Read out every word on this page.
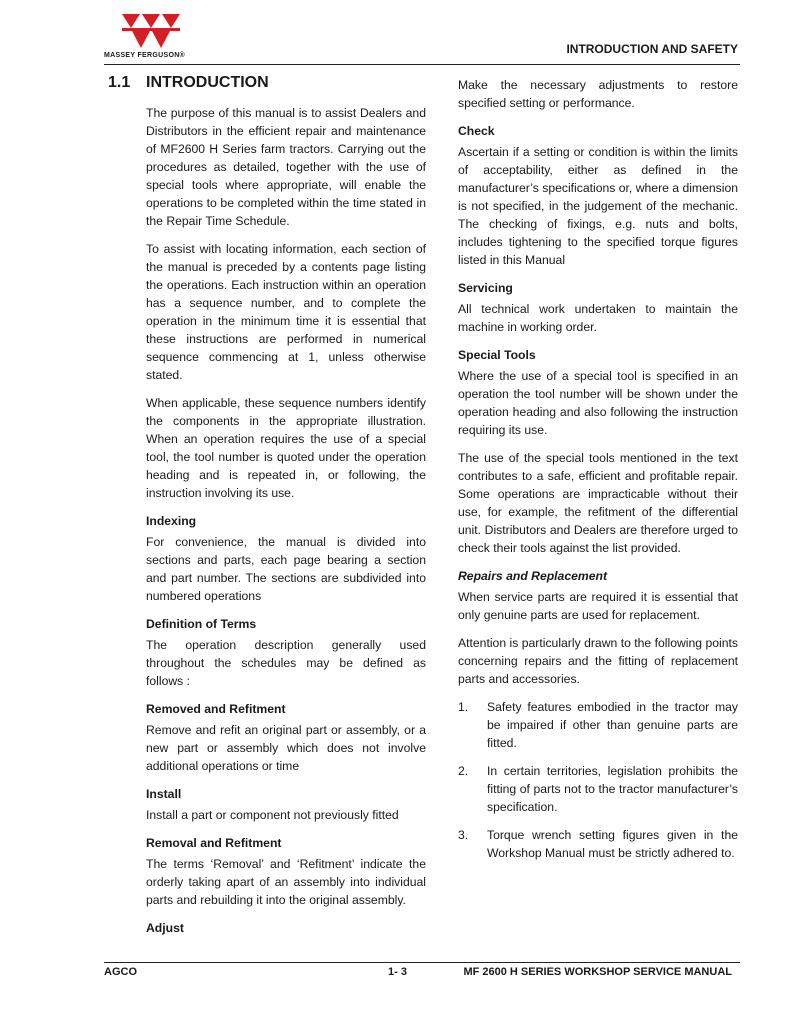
MASSEY FERGUSON®	INTRODUCTION AND SAFETY
1.1 INTRODUCTION

The purpose of this manual is to assist Dealers and Distributors in the efficient repair and maintenance of MF2600 H Series farm tractors. Carrying out the procedures as detailed, together with the use of special tools where appropriate, will enable the operations to be completed within the time stated in the Repair Time Schedule.

To assist with locating information, each section of the manual is preceded by a contents page listing the operations. Each instruction within an operation has a sequence number, and to complete the operation in the minimum time it is essential that these instructions are performed in numerical sequence commencing at 1, unless otherwise stated.

When applicable, these sequence numbers identify the components in the appropriate illustration. When an operation requires the use of a special tool, the tool number is quoted under the operation heading and is repeated in, or following, the instruction involving its use.

Indexing

For convenience, the manual is divided into sections and parts, each page bearing a section and part number. The sections are subdivided into numbered operations

Definition of Terms

The operation description generally used throughout the schedules may be defined as follows :

Removed and Refitment

Remove and refit an original part or assembly, or a new part or assembly which does not involve additional operations or time

Install

Install a part or component not previously fitted

Removal and Refitment

The terms ‘Removal’ and ‘Refitment’ indicate the orderly taking apart of an assembly into individual parts and rebuilding it into the original assembly.

Adjust

Make the necessary adjustments to restore specified setting or performance.

Check

Ascertain if a setting or condition is within the limits of acceptability, either as defined in the manufacturer’s specifications or, where a dimension is not specified, in the judgement of the mechanic. The checking of fixings, e.g. nuts and bolts, includes tightening to the specified torque figures listed in this Manual

Servicing

All technical work undertaken to maintain the machine in working order.

Special Tools

Where the use of a special tool is specified in an operation the tool number will be shown under the operation heading and also following the instruction requiring its use.

The use of the special tools mentioned in the text contributes to a safe, efficient and profitable repair. Some operations are impracticable without their use, for example, the refitment of the differential unit. Distributors and Dealers are therefore urged to check their tools against the list provided.

Repairs and Replacement

When service parts are required it is essential that only genuine parts are used for replacement.

Attention is particularly drawn to the following points concerning repairs and the fitting of replacement parts and accessories.

1. Safety features embodied in the tractor may be impaired if other than genuine parts are fitted.
2. In certain territories, legislation prohibits the fitting of parts not to the tractor manufacturer’s specification.
3. Torque wrench setting figures given in the Workshop Manual must be strictly adhered to.
AGCO	1- 3	MF 2600 H SERIES WORKSHOP SERVICE MANUAL
